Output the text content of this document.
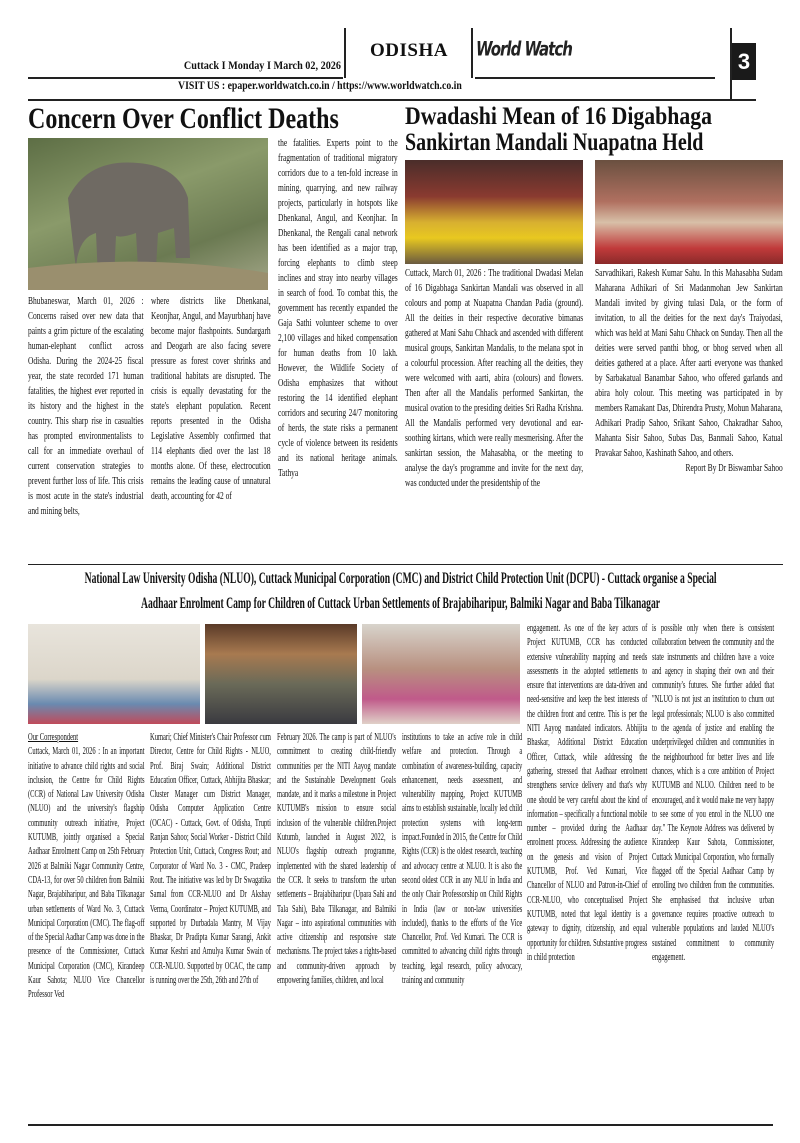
Cuttack I Monday I March 02, 2026
ODISHA	World Watch	3
VISIT US : epaper.worldwatch.co.in / https://www.worldwatch.co.in
Concern Over Conflict Deaths
Bhubaneswar, March 01, 2026 : Concerns raised over new data that paints a grim picture of the escalating human-elephant conflict across Odisha. During the 2024-25 fiscal year, the state recorded 171 human fatalities, the highest ever reported in its history and the highest in the country. This sharp rise in casualties has prompted environmentalists to call for an immediate overhaul of current conservation strategies to prevent further loss of life. This crisis is most acute in the state's industrial and mining belts,
where districts like Dhenkanal, Keonjhar, Angul, and Mayurbhanj have become major flashpoints. Sundargarh and Deogarh are also facing severe pressure as forest cover shrinks and traditional habitats are disrupted. The crisis is equally devastating for the state's elephant population. Recent reports presented in the Odisha Legislative Assembly confirmed that 114 elephants died over the last 18 months alone. Of these, electrocution remains the leading cause of unnatural death, accounting for 42 of
the fatalities. Experts point to the fragmentation of traditional migratory corridors due to a ten-fold increase in mining, quarrying, and new railway projects, particularly in hotspots like Dhenkanal, Angul, and Keonjhar. In Dhenkanal, the Rengali canal network has been identified as a major trap, forcing elephants to climb steep inclines and stray into nearby villages in search of food. To combat this, the government has recently expanded the Gaja Sathi volunteer scheme to over 2,100 villages and hiked compensation for human deaths from 10 lakh. However, the Wildlife Society of Odisha emphasizes that without restoring the 14 identified elephant corridors and securing 24/7 monitoring of herds, the state risks a permanent cycle of violence between its residents and its national heritage animals. Tathya
Dwadashi Mean of 16 Digabhaga
Sankirtan Mandali Nuapatna Held
Cuttack, March 01, 2026 : The traditional Dwadasi Melan of 16 Digabhaga Sankirtan Mandali was observed in all colours and pomp at Nuapatna Chandan Padia (ground). All the deities in their respective decorative bimanas gathered at Mani Sahu Chhack and ascended with different musical groups, Sankirtan Mandalis, to the melana spot in a colourful procession. After reaching all the deities, they were welcomed with aarti, abira (colours) and flowers. Then after all the Mandalis performed Sankirtan, the musical ovation to the presiding deities Sri Radha Krishna. All the Mandalis performed very devotional and ear-soothing kirtans, which were really mesmerising. After the sankirtan session, the Mahasabha, or the meeting to analyse the day's programme and invite for the next day, was conducted under the presidentship of the
Sarvadhikari, Rakesh Kumar Sahu. In this Mahasabha Sudam Maharana Adhikari of Sri Madanmohan Jew Sankirtan Mandali invited by giving tulasi Dala, or the form of invitation, to all the deities for the next day's Traiyodasi, which was held at Mani Sahu Chhack on Sunday. Then all the deities were served panthi bhog, or bhog served when all deities gathered at a place. After aarti everyone was thanked by Sarbakatual Banambar Sahoo, who offered garlands and abira holy colour. This meeting was participated in by members Ramakant Das, Dhirendra Prusty, Mohun Maharana, Adhikari Pradip Sahoo, Srikant Sahoo, Chakradhar Sahoo, Mahanta Sisir Sahoo, Subas Das, Banmali Sahoo, Katual Pravakar Sahoo, Kashinath Sahoo, and others.
Report By Dr Biswambar Sahoo
National Law University Odisha (NLUO), Cuttack Municipal Corporation (CMC) and District Child Protection Unit (DCPU) - Cuttack organise a Special
Aadhaar Enrolment Camp for Children of Cuttack Urban Settlements of Brajabiharipur, Balmiki Nagar and Baba Tilkanagar
Our Correspondent
Cuttack, March 01, 2026 : In an important initiative to advance child rights and social inclusion, the Centre for Child Rights (CCR) of National Law University Odisha (NLUO) and the university's flagship community outreach initiative, Project KUTUMB, jointly organised a Special Aadhaar Enrolment Camp on 25th February 2026 at Balmiki Nagar Community Centre, CDA-13, for over 50 children from Balmiki Nagar, Brajabiharipur, and Baba Tilkanagar urban settlements of Ward No. 3, Cuttack Municipal Corporation (CMC). The flag-off of the Special Aadhar Camp was done in the presence of the Commissioner, Cuttack Municipal Corporation (CMC), Kirandeep Kaur Sahota; NLUO Vice Chancellor Professor Ved
Kumari; Chief Minister's Chair Professor cum Director, Centre for Child Rights - NLUO, Prof. Biraj Swain; Additional District Education Officer, Cuttack, Abhijita Bhaskar; Cluster Manager cum District Manager, Odisha Computer Application Centre (OCAC) - Cuttack, Govt. of Odisha, Trupti Ranjan Sahoo; Social Worker - District Child Protection Unit, Cuttack, Congress Rout; and Corporator of Ward No. 3 - CMC, Pradeep Rout. The initiative was led by Dr Swagatika Samal from CCR-NLUO and Dr Akshay Verma, Coordinator – Project KUTUMB, and supported by Durbadala Mantry, M Vijay Bhaskar, Dr Pradipta Kumar Sarangi, Ankit Kumar Keshri and Amulya Kumar Swain of CCR-NLUO. Supported by OCAC, the camp is running over the 25th, 26th and 27th of
February 2026. The camp is part of NLUO's commitment to creating child-friendly communities per the NITI Aayog mandate and the Sustainable Development Goals mandate, and it marks a milestone in Project KUTUMB's mission to ensure social inclusion of the vulnerable children.Project Kutumb, launched in August 2022, is NLUO's flagship outreach programme, implemented with the shared leadership of the CCR. It seeks to transform the urban settlements – Brajabiharipur (Upara Sahi and Tala Sahi), Baba Tilkanagar, and Balmiki Nagar – into aspirational communities with active citizenship and responsive state mechanisms. The project takes a rights-based and community-driven approach by empowering families, children, and local
institutions to take an active role in child welfare and protection. Through a combination of awareness-building, capacity enhancement, needs assessment, and vulnerability mapping, Project KUTUMB aims to establish sustainable, locally led child protection systems with long-term impact.Founded in 2015, the Centre for Child Rights (CCR) is the oldest research, teaching and advocacy centre at NLUO. It is also the second oldest CCR in any NLU in India and the only Chair Professorship on Child Rights in India (law or non-law universities included), thanks to the efforts of the Vice Chancellor, Prof. Ved Kumari. The CCR is committed to advancing child rights through teaching, legal research, policy advocacy, training and community
engagement. As one of the key actors of Project KUTUMB, CCR has conducted extensive vulnerability mapping and needs assessments in the adopted settlements to ensure that interventions are data-driven and need-sensitive and keep the best interests of the children front and centre. This is per the NITI Aayog mandated indicators. Abhijita Bhaskar, Additional District Education Officer, Cuttack, while addressing the gathering, stressed that Aadhaar enrolment strengthens service delivery and that's why one should be very careful about the kind of information – specifically a functional mobile number – provided during the Aadhaar enrolment process. Addressing the audience on the genesis and vision of Project KUTUMB, Prof. Ved Kumari, Vice Chancellor of NLUO and Patron-in-Chief of CCR-NLUO, who conceptualised Project KUTUMB, noted that legal identity is a gateway to dignity, citizenship, and equal opportunity for children. Substantive progress in child protection
is possible only when there is consistent collaboration between the community and the state instruments and children have a voice and agency in shaping their own and their community's futures. She further added that "NLUO is not just an institution to churn out legal professionals; NLUO is also committed to the agenda of justice and enabling the underprivileged children and communities in the neighbourhood for better lives and life chances, which is a core ambition of Project KUTUMB and NLUO. Children need to be encouraged, and it would make me very happy to see some of you enrol in the NLUO one day." The Keynote Address was delivered by Kirandeep Kaur Sahota, Commissioner, Cuttack Municipal Corporation, who formally flagged off the Special Aadhaar Camp by enrolling two children from the communities. She emphasised that inclusive urban governance requires proactive outreach to vulnerable populations and lauded NLUO's sustained commitment to community engagement.
